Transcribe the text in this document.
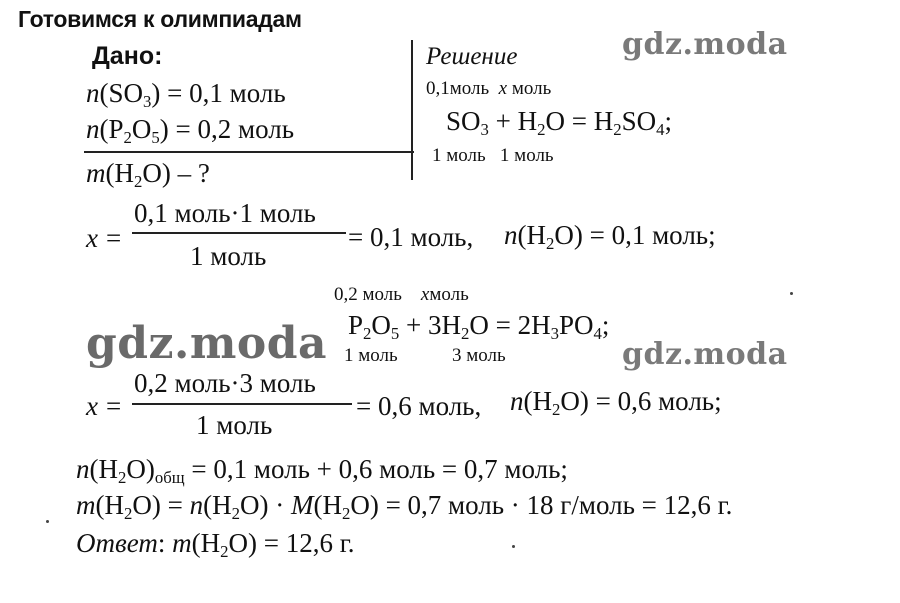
Готовимся к олимпиадам
gdz.moda
gdz.moda	gdz.moda
Дано:
$n(SO_3) = 0,1$ моль
$n(P_2O_5) = 0,2$ моль
$m(H_2O)$ – ?
Решение
0,1моль x моль
$SO_3 + H_2O = H_2SO_4$;
1 моль   1 моль
x =
0,1 моль·1 моль
1 моль
= 0,1 моль, $n(H_2O) = 0,1$ моль;
0,2 моль xмоль
$P_2O_5 + 3H_2O = 2H_3PO_4$;
1 моль	3 моль
x =
0,2 моль·3 моль
1 моль
= 0,6 моль, $n(H_2O) = 0,6$ моль;
$n(H_2O)_{общ} = 0,1$ моль + 0,6 моль = 0,7 моль;
$m(H_2O) = n(H_2O) \cdot M(H_2O) = 0,7$ моль · 18 г/моль = 12,6 г.
Ответ: $m(H_2O) = 12,6$ г.
